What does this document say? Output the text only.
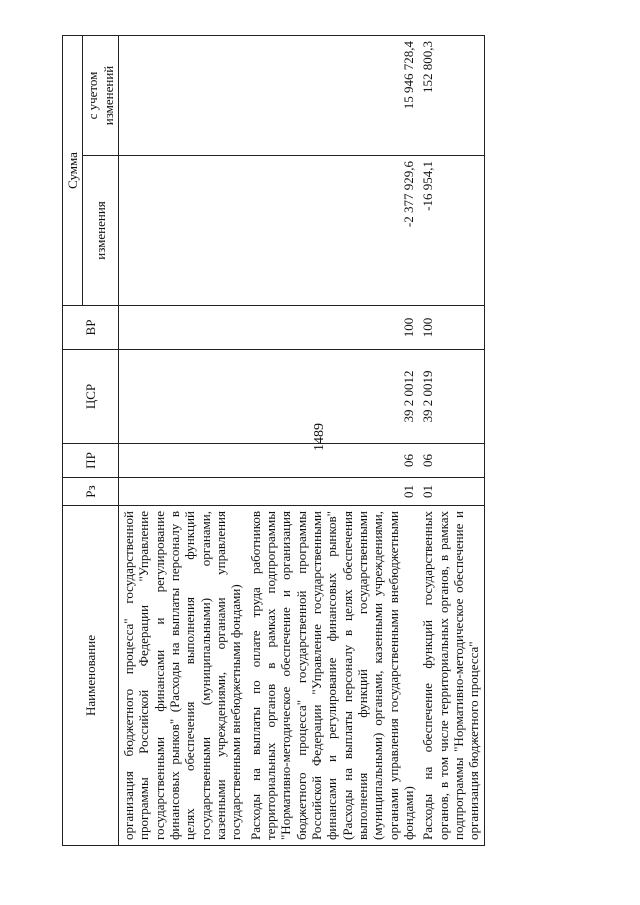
1489
Наименование	Рз	ПР	ЦСР	ВР	Сумма	
					изменения	с учетом изменений
организация бюджетного процесса" государственной программы Российской Федерации "Управление государственными финансами и регулирование финансовых рынков" (Расходы на выплаты персоналу в целях обеспечения выполнения функций государственными (муниципальными) органами, казенными учреждениями, органами управления государственными внебюджетными фондами)						
Расходы на выплаты по оплате труда работников территориальных органов в рамках подпрограммы "Нормативно-методическое обеспечение и организация бюджетного процесса" государственной программы Российской Федерации "Управление государственными финансами и регулирование финансовых рынков" (Расходы на выплаты персоналу в целях обеспечения выполнения функций государственными (муниципальными) органами, казенными учреждениями, органами управления государственными внебюджетными фондами)	01	06	39 2 0012	100	-2 377 929,6	15 946 728,4
Расходы на обеспечение функций государственных органов, в том числе территориальных органов, в рамках подпрограммы "Нормативно-методическое обеспечение и организация бюджетного процесса"	01	06	39 2 0019	100	-16 954,1	152 800,3
